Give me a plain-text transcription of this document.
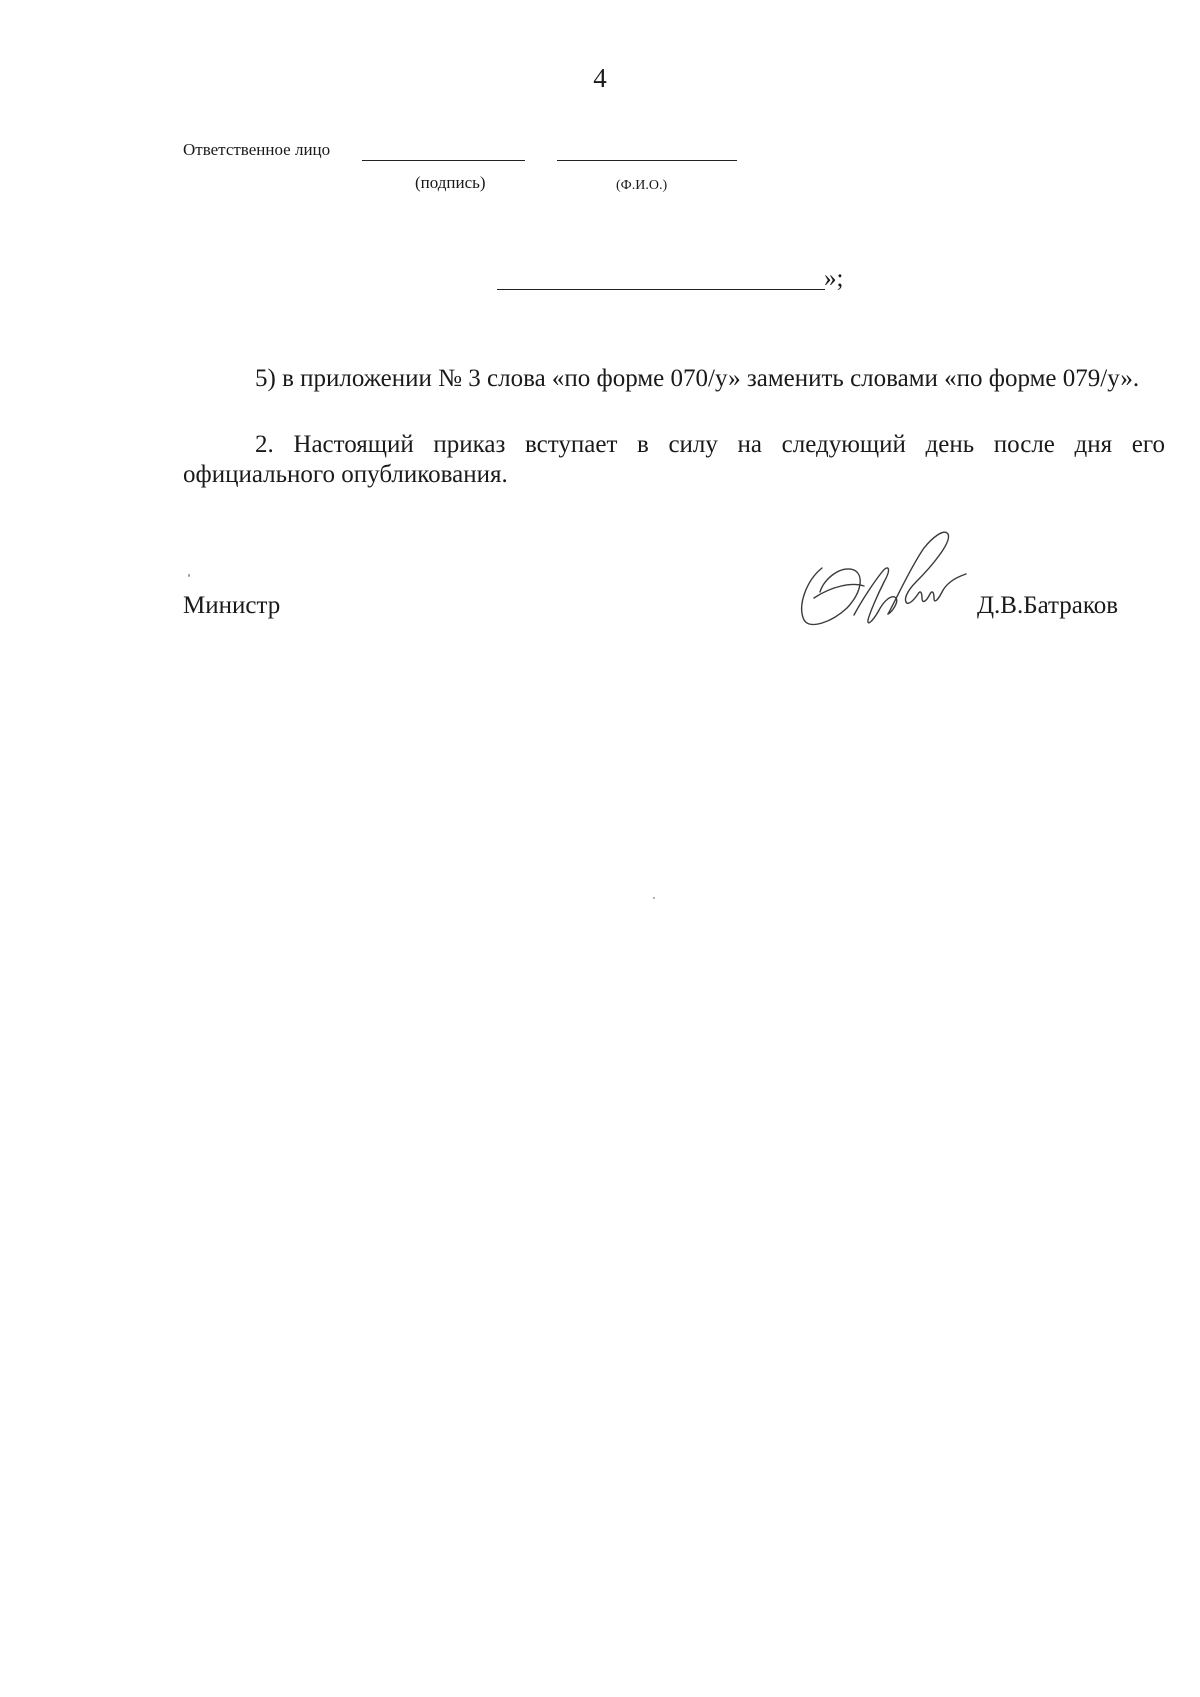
4
Ответственное лицо
(подпись)	(Ф.И.О.)
»;
5) в приложении № 3 слова «по форме 070/у» заменить словами «по форме 079/у».
2. Настоящий приказ вступает в силу на следующий день после дня его официального опубликования.
Министр	Д.В.Батраков
